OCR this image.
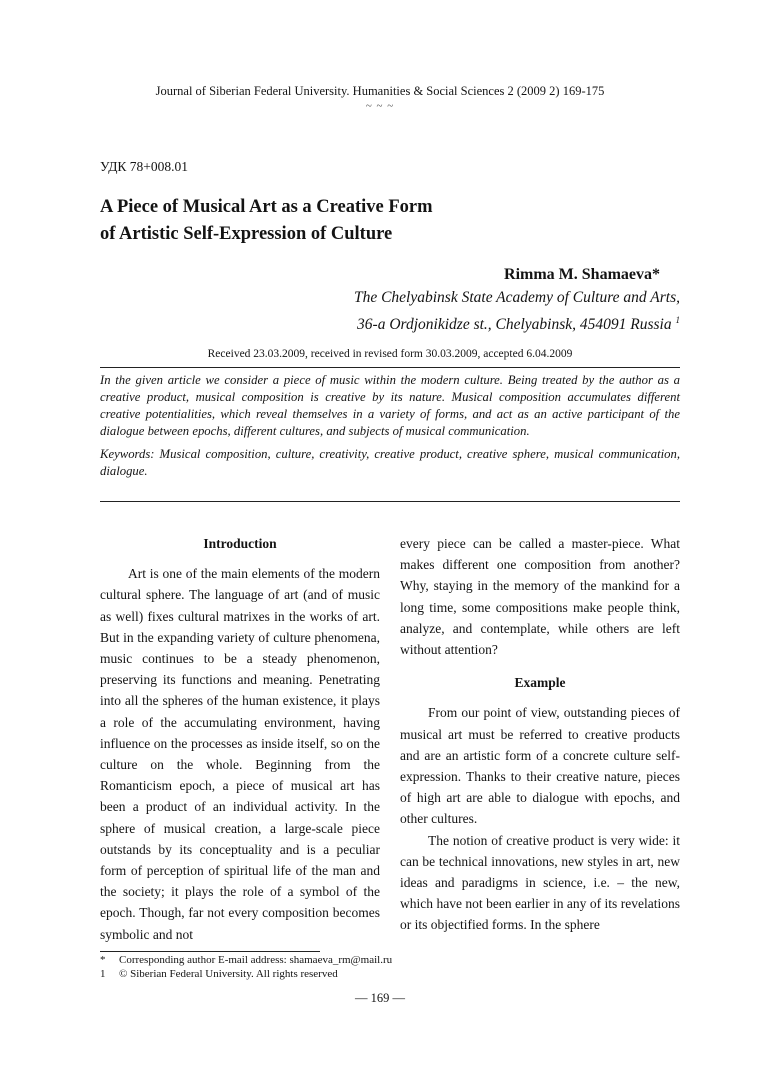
Journal of Siberian Federal University. Humanities & Social Sciences 2 (2009 2) 169-175
~ ~ ~
УДК 78+008.01
A Piece of Musical Art as a Creative Form
of Artistic Self-Expression of Culture
Rimma M. Shamaeva*
The Chelyabinsk State Academy of Culture and Arts,
36-a Ordjonikidze st., Chelyabinsk, 454091 Russia $^1$
Received 23.03.2009, received in revised form 30.03.2009, accepted 6.04.2009

In the given article we consider a piece of music within the modern culture. Being treated by the author as a creative product, musical composition is creative by its nature. Musical composition accumulates different creative potentialities, which reveal themselves in a variety of forms, and act as an active participant of the dialogue between epochs, different cultures, and subjects of musical communication.

Keywords: Musical composition, culture, creativity, creative product, creative sphere, musical communication, dialogue.

Introduction

Art is one of the main elements of the modern cultural sphere. The language of art (and of music as well) fixes cultural matrixes in the works of art. But in the expanding variety of culture phenomena, music continues to be a steady phenomenon, preserving its functions and meaning. Penetrating into all the spheres of the human existence, it plays a role of the accumulating environment, having influence on the processes as inside itself, so on the culture on the whole. Beginning from the Romanticism epoch, a piece of musical art has been a product of an individual activity. In the sphere of musical creation, a large-scale piece outstands by its conceptuality and is a peculiar form of perception of spiritual life of the man and the society; it plays the role of a symbol of the epoch. Though, far not every composition becomes symbolic and not

every piece can be called a master-piece. What makes different one composition from another? Why, staying in the memory of the mankind for a long time, some compositions make people think, analyze, and contemplate, while others are left without attention?

Example

From our point of view, outstanding pieces of musical art must be referred to creative products and are an artistic form of a concrete culture self-expression. Thanks to their creative nature, pieces of high art are able to dialogue with epochs, and other cultures.

The notion of creative product is very wide: it can be technical innovations, new styles in art, new ideas and paradigms in science, i.e. – the new, which have not been earlier in any of its revelations or its objectified forms. In the sphere

*	Corresponding author E-mail address: shamaeva_rm@mail.ru
1	© Siberian Federal University. All rights reserved
― 169 ―
